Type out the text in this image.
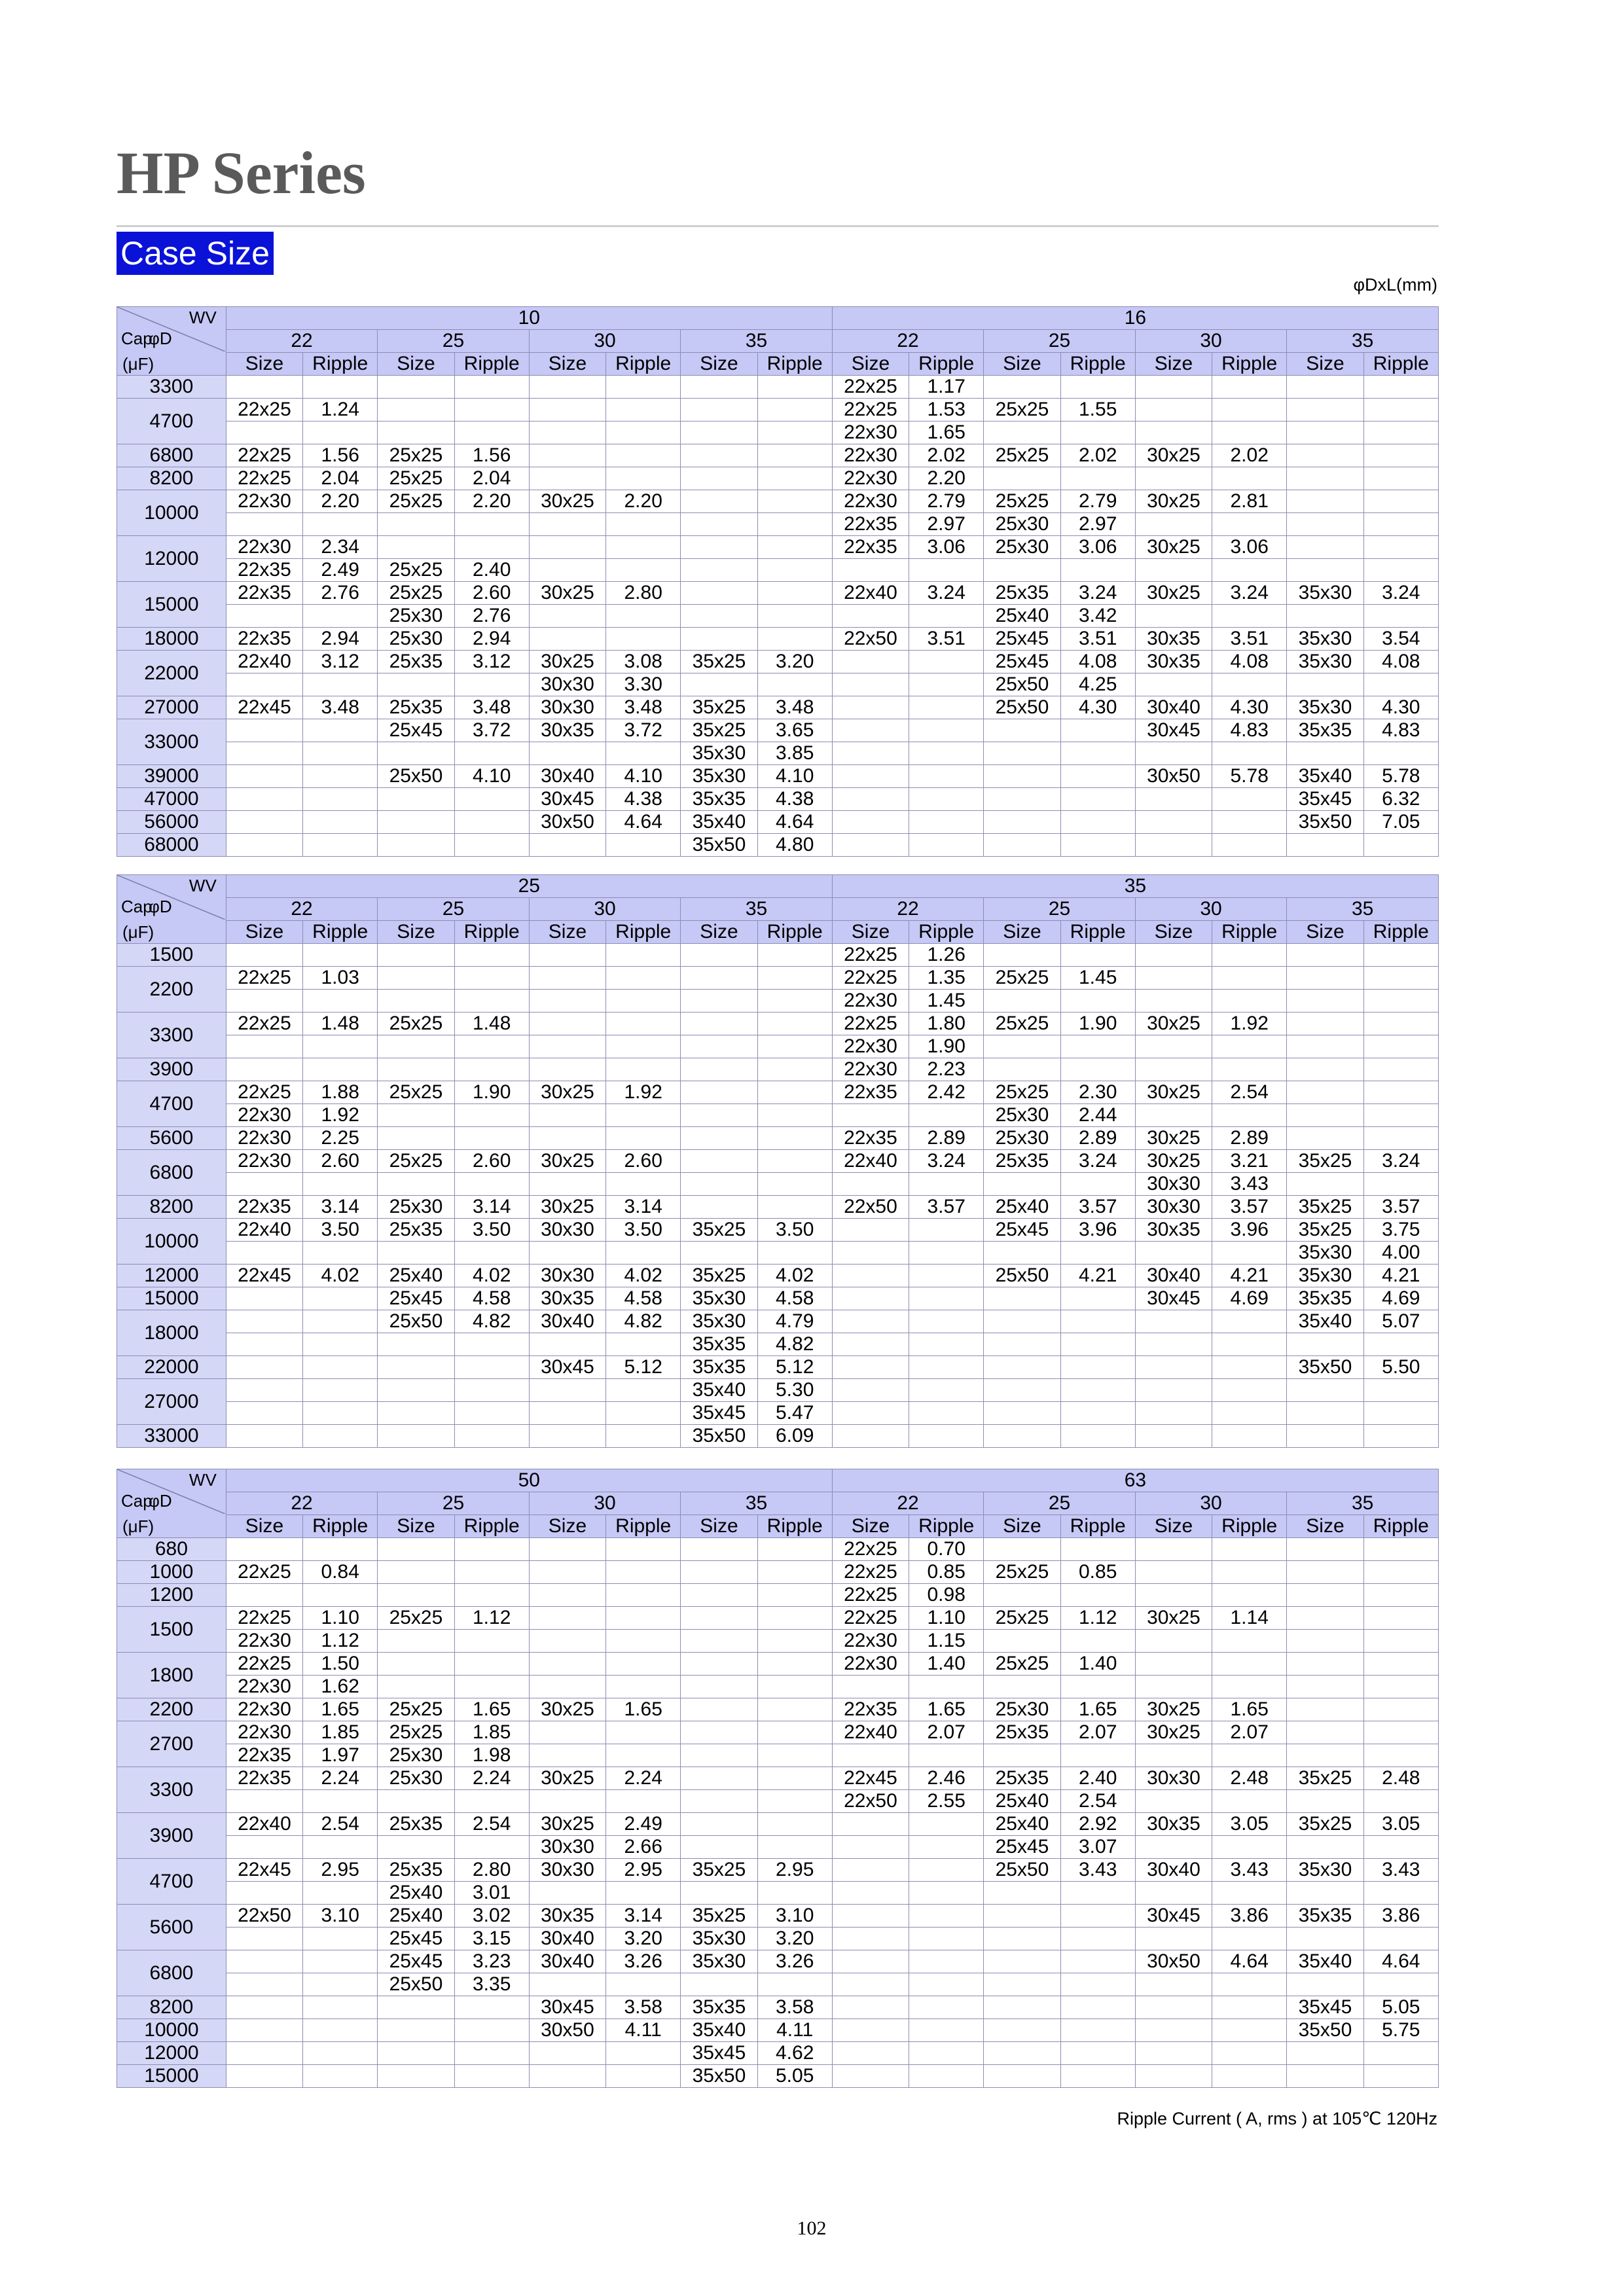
HP Series
Case Size
φDxL(mm)
WV
Cap
φD	10								16							
	22		25		30		35		22		25		30		35	
(μF)	Size	Ripple	Size	Ripple	Size	Ripple	Size	Ripple	Size	Ripple	Size	Ripple	Size	Ripple	Size	Ripple
3300									22x25	1.17						
4700	22x25	1.24							22x25	1.53	25x25	1.55				
									22x30	1.65						
6800	22x25	1.56	25x25	1.56					22x30	2.02	25x25	2.02	30x25	2.02		
8200	22x25	2.04	25x25	2.04					22x30	2.20						
10000	22x30	2.20	25x25	2.20	30x25	2.20			22x30	2.79	25x25	2.79	30x25	2.81		
									22x35	2.97	25x30	2.97				
12000	22x30	2.34							22x35	3.06	25x30	3.06	30x25	3.06		
	22x35	2.49	25x25	2.40												
15000	22x35	2.76	25x25	2.60	30x25	2.80			22x40	3.24	25x35	3.24	30x25	3.24	35x30	3.24
			25x30	2.76							25x40	3.42				
18000	22x35	2.94	25x30	2.94					22x50	3.51	25x45	3.51	30x35	3.51	35x30	3.54
22000	22x40	3.12	25x35	3.12	30x25	3.08	35x25	3.20			25x45	4.08	30x35	4.08	35x30	4.08
					30x30	3.30					25x50	4.25				
27000	22x45	3.48	25x35	3.48	30x30	3.48	35x25	3.48			25x50	4.30	30x40	4.30	35x30	4.30
33000			25x45	3.72	30x35	3.72	35x25	3.65					30x45	4.83	35x35	4.83
							35x30	3.85								
39000			25x50	4.10	30x40	4.10	35x30	4.10					30x50	5.78	35x40	5.78
47000					30x45	4.38	35x35	4.38							35x45	6.32
56000					30x50	4.64	35x40	4.64							35x50	7.05
68000							35x50	4.80								
WV
Cap
φD	25								35							
	22		25		30		35		22		25		30		35	
(μF)	Size	Ripple	Size	Ripple	Size	Ripple	Size	Ripple	Size	Ripple	Size	Ripple	Size	Ripple	Size	Ripple
1500									22x25	1.26						
2200	22x25	1.03							22x25	1.35	25x25	1.45				
									22x30	1.45						
3300	22x25	1.48	25x25	1.48					22x25	1.80	25x25	1.90	30x25	1.92		
									22x30	1.90						
3900									22x30	2.23						
4700	22x25	1.88	25x25	1.90	30x25	1.92			22x35	2.42	25x25	2.30	30x25	2.54		
	22x30	1.92									25x30	2.44				
5600	22x30	2.25							22x35	2.89	25x30	2.89	30x25	2.89		
6800	22x30	2.60	25x25	2.60	30x25	2.60			22x40	3.24	25x35	3.24	30x25	3.21	35x25	3.24
													30x30	3.43		
8200	22x35	3.14	25x30	3.14	30x25	3.14			22x50	3.57	25x40	3.57	30x30	3.57	35x25	3.57
10000	22x40	3.50	25x35	3.50	30x30	3.50	35x25	3.50			25x45	3.96	30x35	3.96	35x25	3.75
															35x30	4.00
12000	22x45	4.02	25x40	4.02	30x30	4.02	35x25	4.02			25x50	4.21	30x40	4.21	35x30	4.21
15000			25x45	4.58	30x35	4.58	35x30	4.58					30x45	4.69	35x35	4.69
18000			25x50	4.82	30x40	4.82	35x30	4.79							35x40	5.07
							35x35	4.82								
22000					30x45	5.12	35x35	5.12							35x50	5.50
27000							35x40	5.30								
							35x45	5.47								
33000							35x50	6.09								
WV
Cap
φD	50								63							
	22		25		30		35		22		25		30		35	
(μF)	Size	Ripple	Size	Ripple	Size	Ripple	Size	Ripple	Size	Ripple	Size	Ripple	Size	Ripple	Size	Ripple
680									22x25	0.70						
1000	22x25	0.84							22x25	0.85	25x25	0.85				
1200									22x25	0.98						
1500	22x25	1.10	25x25	1.12					22x25	1.10	25x25	1.12	30x25	1.14		
	22x30	1.12							22x30	1.15						
1800	22x25	1.50							22x30	1.40	25x25	1.40				
	22x30	1.62														
2200	22x30	1.65	25x25	1.65	30x25	1.65			22x35	1.65	25x30	1.65	30x25	1.65		
2700	22x30	1.85	25x25	1.85					22x40	2.07	25x35	2.07	30x25	2.07		
	22x35	1.97	25x30	1.98												
3300	22x35	2.24	25x30	2.24	30x25	2.24			22x45	2.46	25x35	2.40	30x30	2.48	35x25	2.48
									22x50	2.55	25x40	2.54				
3900	22x40	2.54	25x35	2.54	30x25	2.49					25x40	2.92	30x35	3.05	35x25	3.05
					30x30	2.66					25x45	3.07				
4700	22x45	2.95	25x35	2.80	30x30	2.95	35x25	2.95			25x50	3.43	30x40	3.43	35x30	3.43
			25x40	3.01												
5600	22x50	3.10	25x40	3.02	30x35	3.14	35x25	3.10					30x45	3.86	35x35	3.86
			25x45	3.15	30x40	3.20	35x30	3.20								
6800			25x45	3.23	30x40	3.26	35x30	3.26					30x50	4.64	35x40	4.64
			25x50	3.35												
8200					30x45	3.58	35x35	3.58							35x45	5.05
10000					30x50	4.11	35x40	4.11							35x50	5.75
12000							35x45	4.62								
15000							35x50	5.05								
Ripple Current ( A, rms ) at 105℃ 120Hz
102
